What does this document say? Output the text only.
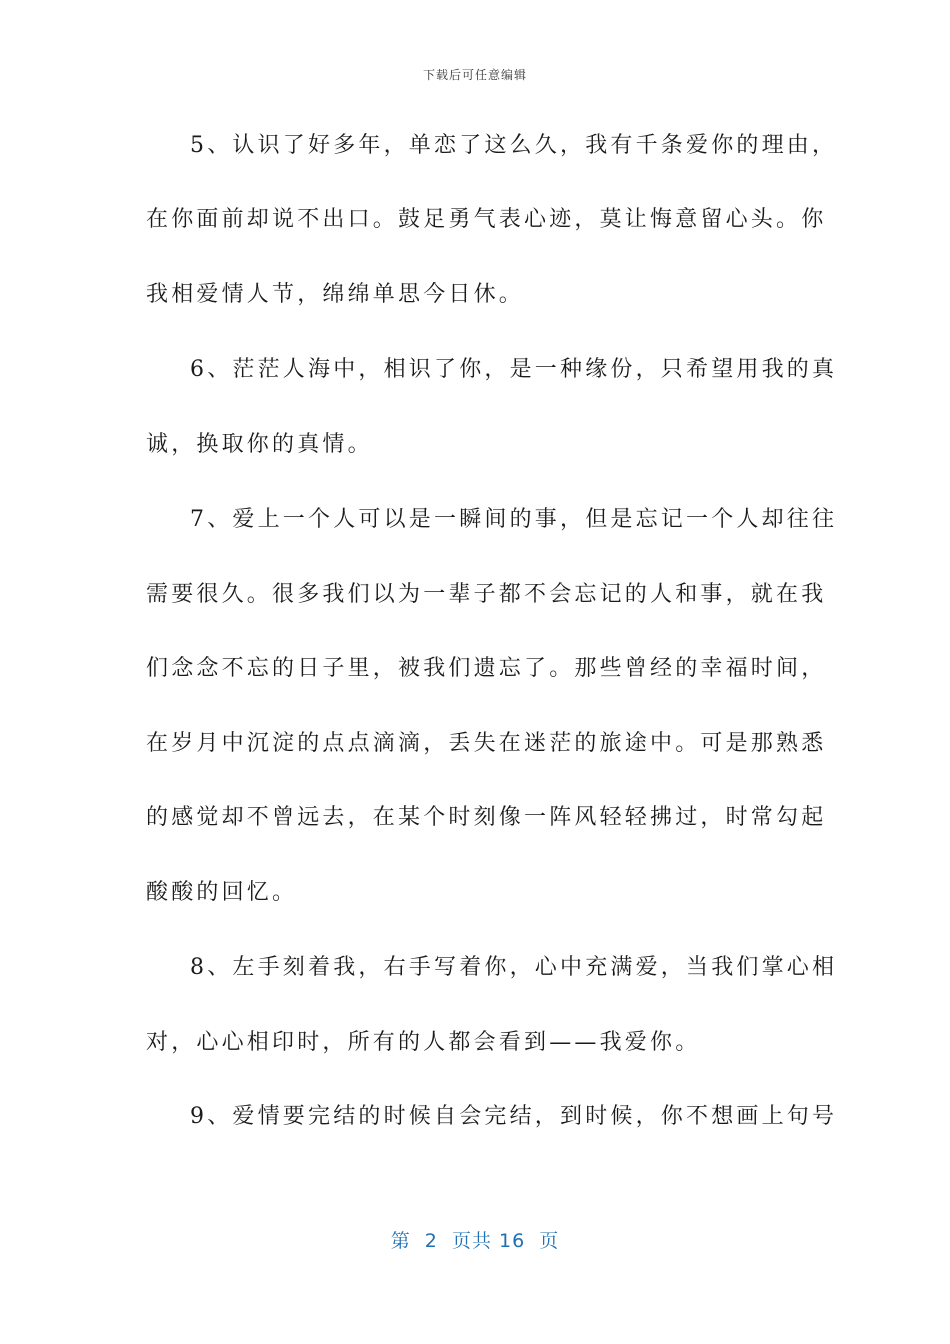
下载后可任意编辑
5、认识了好多年，单恋了这么久，我有千条爱你的理由，
在你面前却说不出口。鼓足勇气表心迹，莫让悔意留心头。你
我相爱情人节，绵绵单思今日休。
6、茫茫人海中，相识了你，是一种缘份，只希望用我的真
诚，换取你的真情。
7、爱上一个人可以是一瞬间的事，但是忘记一个人却往往
需要很久。很多我们以为一辈子都不会忘记的人和事，就在我
们念念不忘的日子里，被我们遗忘了。那些曾经的幸福时间，
在岁月中沉淀的点点滴滴，丢失在迷茫的旅途中。可是那熟悉
的感觉却不曾远去，在某个时刻像一阵风轻轻拂过，时常勾起
酸酸的回忆。
8、左手刻着我，右手写着你，心中充满爱，当我们掌心相
对，心心相印时，所有的人都会看到——我爱你。
9、爱情要完结的时候自会完结，到时候，你不想画上句号
第  2  页共 16  页
